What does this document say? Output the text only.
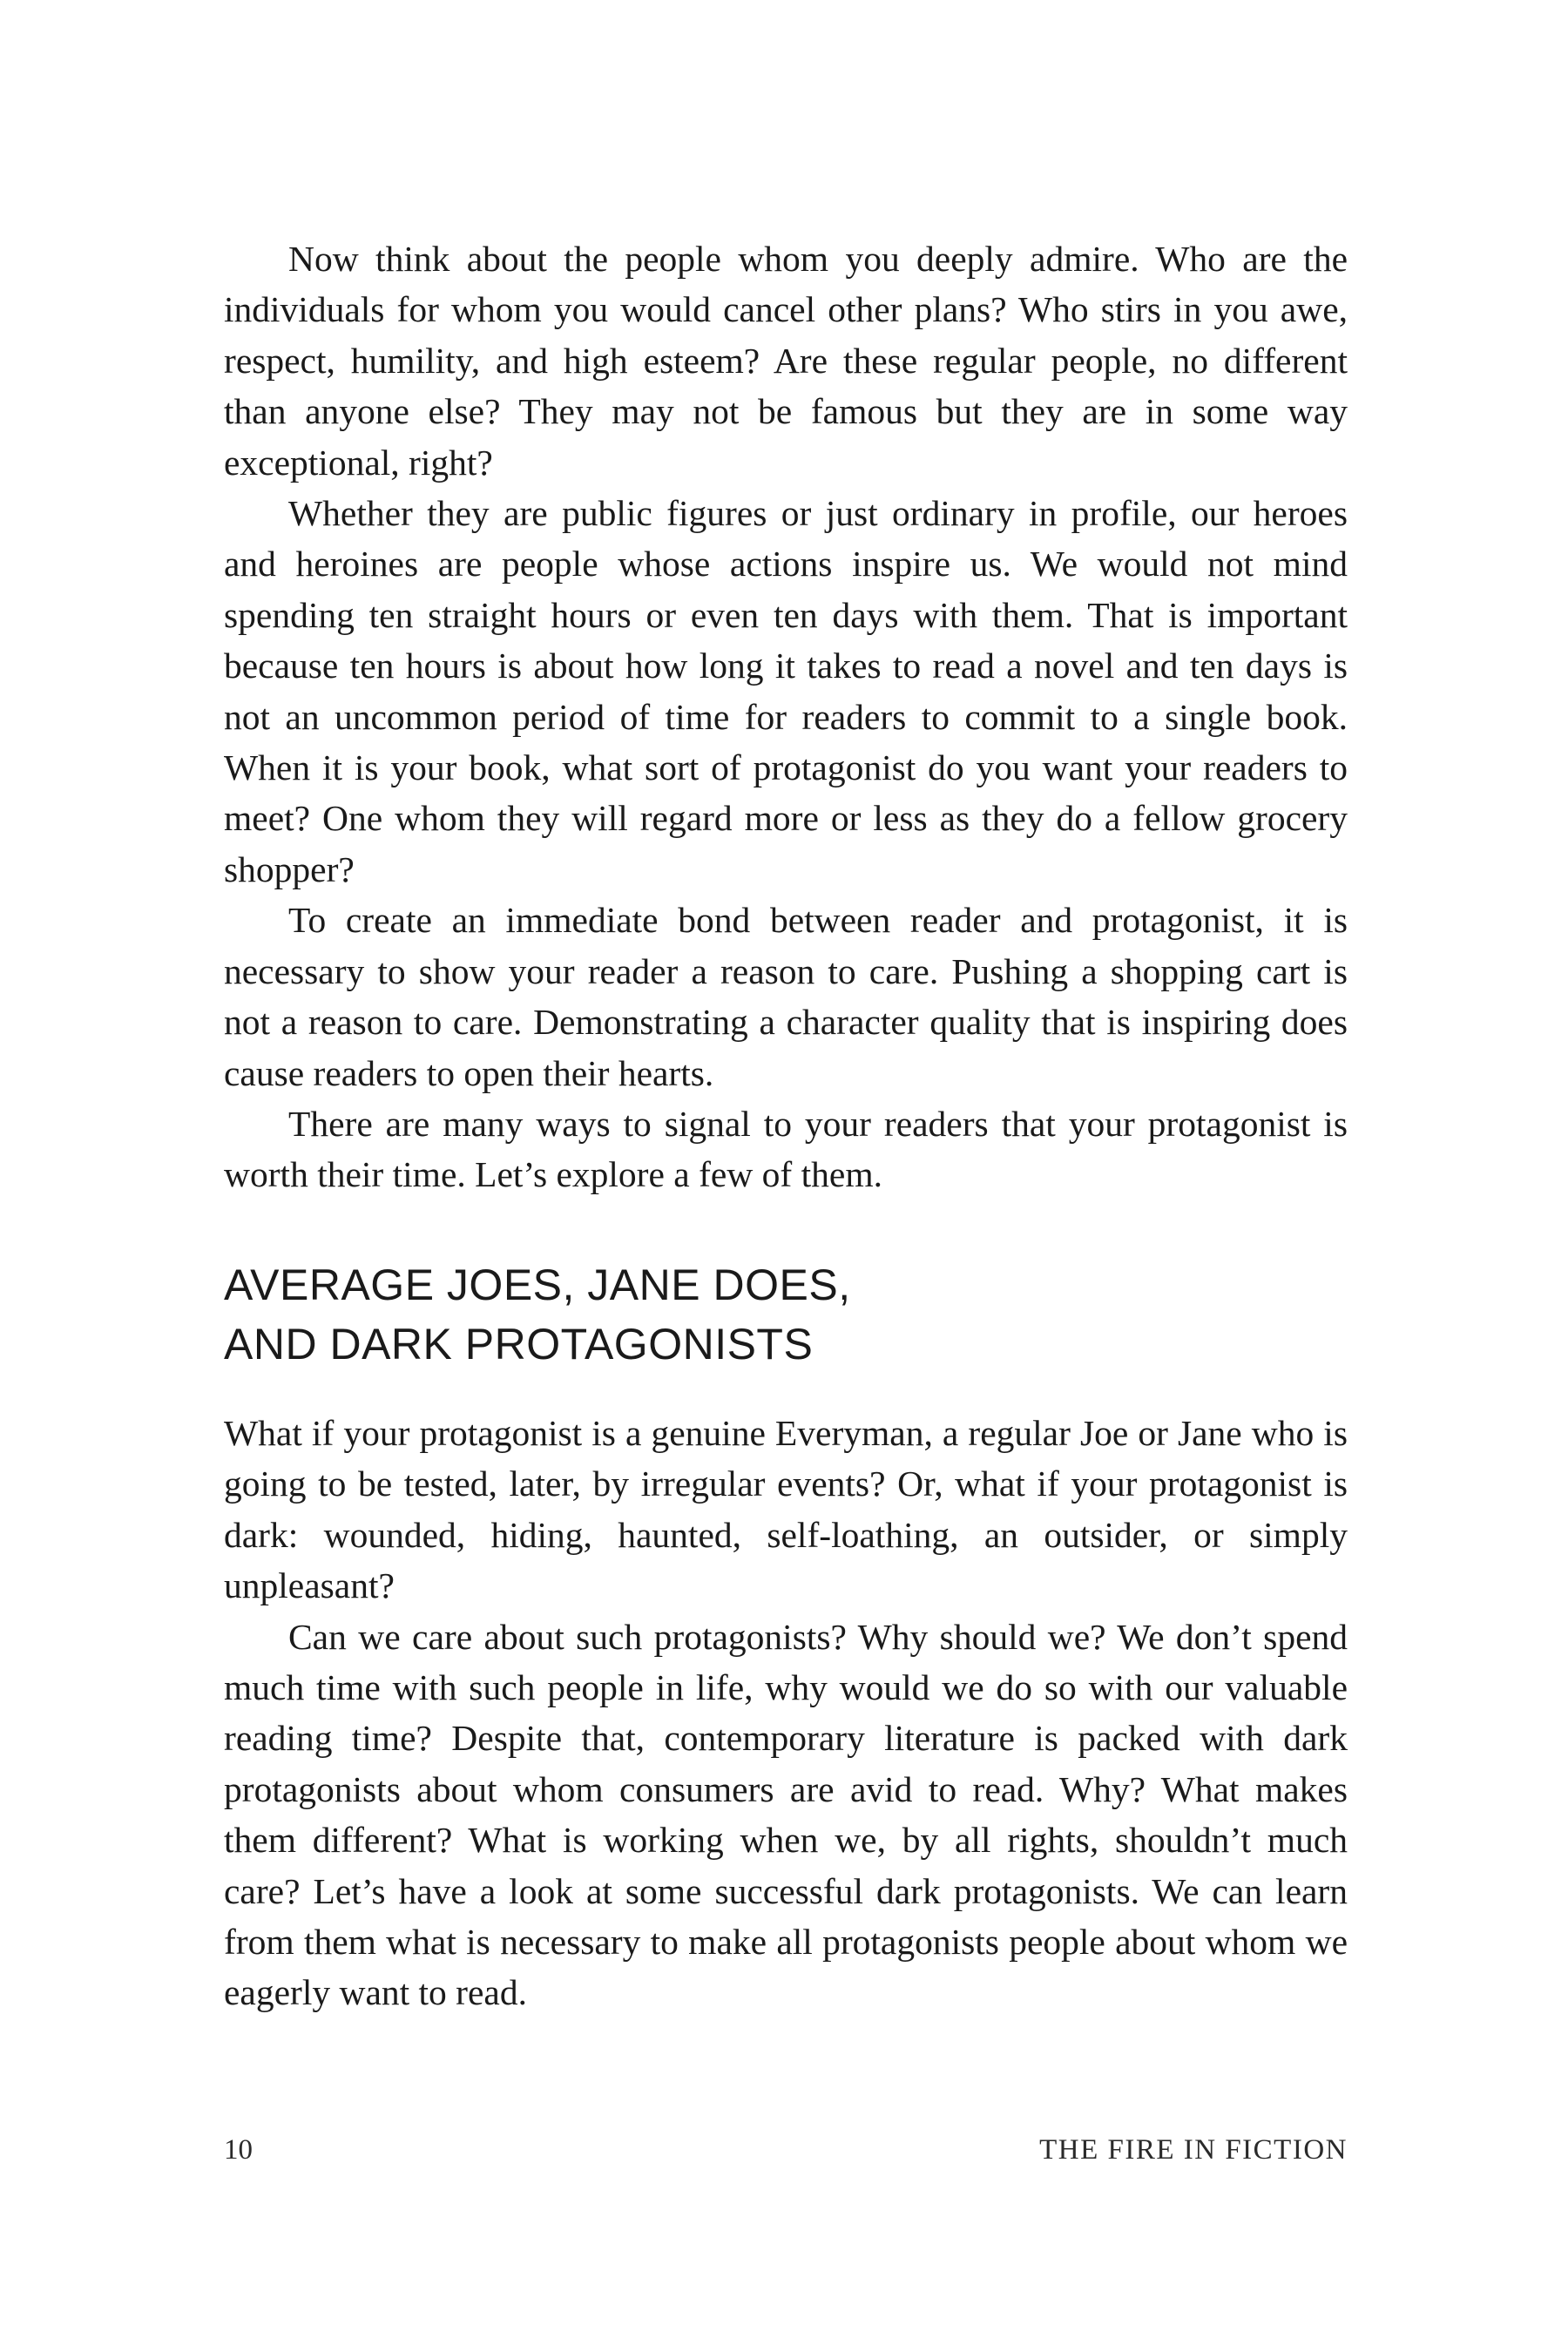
Now think about the people whom you deeply admire. Who are the individuals for whom you would cancel other plans? Who stirs in you awe, respect, humility, and high esteem? Are these regular people, no different than anyone else? They may not be famous but they are in some way exceptional, right?

Whether they are public figures or just ordinary in profile, our heroes and heroines are people whose actions inspire us. We would not mind spending ten straight hours or even ten days with them. That is important because ten hours is about how long it takes to read a novel and ten days is not an uncommon period of time for readers to commit to a single book. When it is your book, what sort of protagonist do you want your readers to meet? One whom they will regard more or less as they do a fellow grocery shopper?

To create an immediate bond between reader and protagonist, it is necessary to show your reader a reason to care. Pushing a shopping cart is not a reason to care. Demonstrating a character quality that is inspiring does cause readers to open their hearts.

There are many ways to signal to your readers that your protagonist is worth their time. Let’s explore a few of them.

AVERAGE JOES, JANE DOES,
AND DARK PROTAGONISTS

What if your protagonist is a genuine Everyman, a regular Joe or Jane who is going to be tested, later, by irregular events? Or, what if your protagonist is dark: wounded, hiding, haunted, self-loathing, an outsider, or simply unpleasant?

Can we care about such protagonists? Why should we? We don’t spend much time with such people in life, why would we do so with our valuable reading time? Despite that, contemporary literature is packed with dark protagonists about whom consumers are avid to read. Why? What makes them different? What is working when we, by all rights, shouldn’t much care? Let’s have a look at some successful dark protagonists. We can learn from them what is necessary to make all protagonists people about whom we eagerly want to read.

10	THE FIRE IN FICTION
